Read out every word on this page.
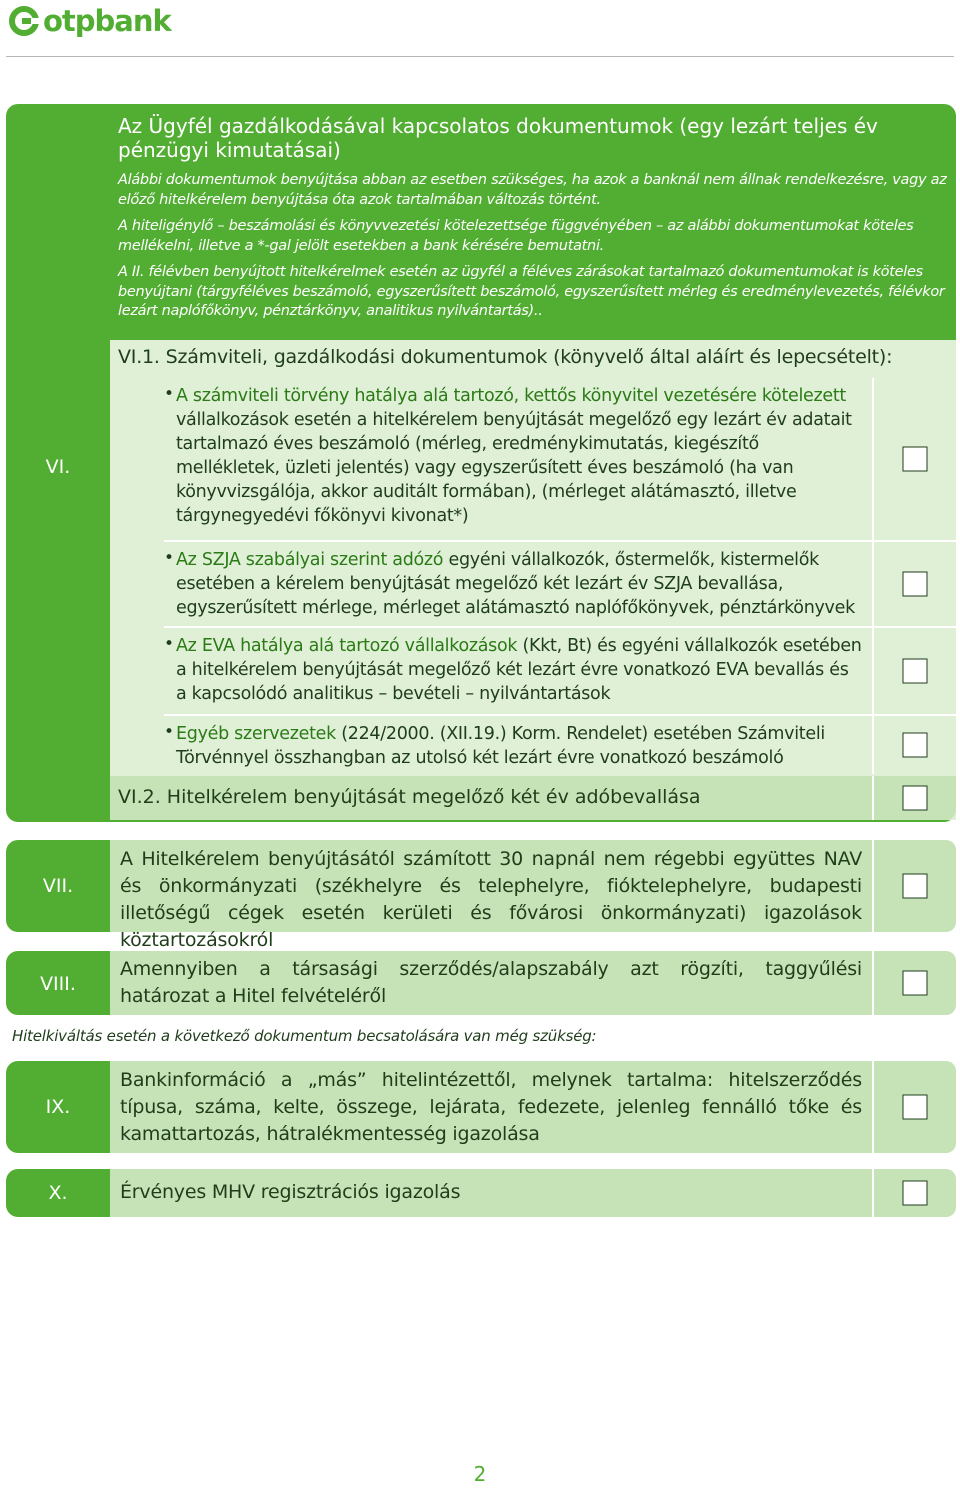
otpbank
VI.
Az Ügyfél gazdálkodásával kapcsolatos dokumentumok (egy lezárt teljes év pénzügyi kimutatásai)

Alábbi dokumentumok benyújtása abban az esetben szükséges, ha azok a banknál nem állnak rendelkezésre, vagy az előző hitelkérelem benyújtása óta azok tartalmában változás történt.

A hiteligénylő – beszámolási és könyvvezetési kötelezettsége függvényében – az alábbi dokumentumokat köteles mellékelni, illetve a *-gal jelölt esetekben a bank kérésére bemutatni.

A II. félévben benyújtott hitelkérelmek esetén az ügyfél a féléves zárásokat tartalmazó dokumentumokat is köteles benyújtani (tárgyféléves beszámoló, egyszerűsített beszámoló, egyszerűsített mérleg és eredménylevezetés, félévkor lezárt naplófőkönyv, pénztárkönyv, analitikus nyilvántartás)..

VI.1. Számviteli, gazdálkodási dokumentumok (könyvelő által aláírt és lepecsételt):
• A számviteli törvény hatálya alá tartozó, kettős könyvitel vezetésére kötelezett vállalkozások esetén a hitelkérelem benyújtását megelőző egy lezárt év adatait tartalmazó éves beszámoló (mérleg, eredménykimutatás, kiegészítő mellékletek, üzleti jelentés) vagy egyszerűsített éves beszámoló (ha van könyvvizsgálója, akkor auditált formában), (mérleget alátámasztó, illetve tárgynegyedévi főkönyvi kivonat*)
• Az SZJA szabályai szerint adózó egyéni vállalkozók, őstermelők, kistermelők esetében a kérelem benyújtását megelőző két lezárt év SZJA bevallása, egyszerűsített mérlege, mérleget alátámasztó naplófőkönyvek, pénztárkönyvek
• Az EVA hatálya alá tartozó vállalkozások (Kkt, Bt) és egyéni vállalkozók esetében a hitelkérelem benyújtását megelőző két lezárt évre vonatkozó EVA bevallás és a kapcsolódó analitikus – bevételi – nyilvántartások
• Egyéb szervezetek (224/2000. (XII.19.) Korm. Rendelet) esetében Számviteli Törvénnyel összhangban az utolsó két lezárt évre vonatkozó beszámoló
VI.2. Hitelkérelem benyújtását megelőző két év adóbevallása
VII.
A Hitelkérelem benyújtásától számított 30 napnál nem régebbi együttes NAV és önkormányzati (székhelyre és telephelyre, fióktelephelyre, budapesti illetőségű cégek esetén kerületi és fővárosi önkormányzati) igazolások köztartozásokról
VIII.
Amennyiben a társasági szerződés/alapszabály azt rögzíti, taggyűlési határozat a Hitel felvételéről
Hitelkiváltás esetén a következő dokumentum becsatolására van még szükség:
IX.
Bankinformáció a „más” hitelintézettől, melynek tartalma: hitelszerződés típusa, száma, kelte, összege, lejárata, fedezete, jelenleg fennálló tőke és kamattartozás, hátralékmentesség igazolása
X.	Érvényes MHV regisztrációs igazolás
2
